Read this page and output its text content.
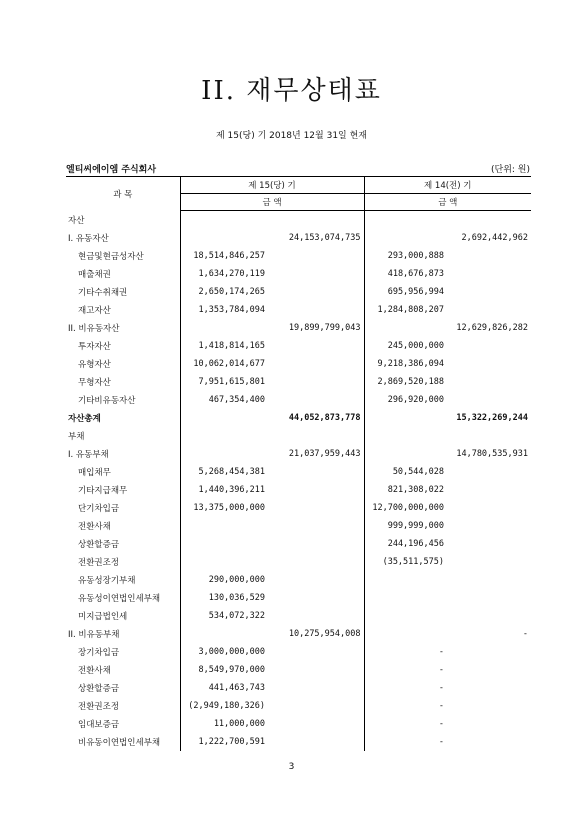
II. 재무상태표
제 15(당) 기 2018년 12월 31일 현재
엘티씨에이엠 주식회사	(단위: 원)
과 목	제 15(당) 기		제 14(전) 기	
	금 액		금 액	
자산				
I. 유동자산		24,153,074,735		2,692,442,962
현금및현금성자산	18,514,846,257		293,000,888	
매출채권	1,634,270,119		418,676,873	
기타수취채권	2,650,174,265		695,956,994	
재고자산	1,353,784,094		1,284,808,207	
II. 비유동자산		19,899,799,043		12,629,826,282
투자자산	1,418,814,165		245,000,000	
유형자산	10,062,014,677		9,218,386,094	
무형자산	7,951,615,801		2,869,520,188	
기타비유동자산	467,354,400		296,920,000	
자산총계		44,052,873,778		15,322,269,244
부채				
I. 유동부채		21,037,959,443		14,780,535,931
매입채무	5,268,454,381		50,544,028	
기타지급채무	1,440,396,211		821,308,022	
단기차입금	13,375,000,000		12,700,000,000	
전환사채			999,999,000	
상환할증금			244,196,456	
전환권조정			(35,511,575)	
유동성장기부채	290,000,000			
유동성이연법인세부채	130,036,529			
미지급법인세	534,072,322			
II. 비유동부채		10,275,954,008		-
장기차입금	3,000,000,000		-	
전환사채	8,549,970,000		-	
상환할증금	441,463,743		-	
전환권조정	(2,949,180,326)		-	
임대보증금	11,000,000		-	
비유동이연법인세부채	1,222,700,591		-	
3
